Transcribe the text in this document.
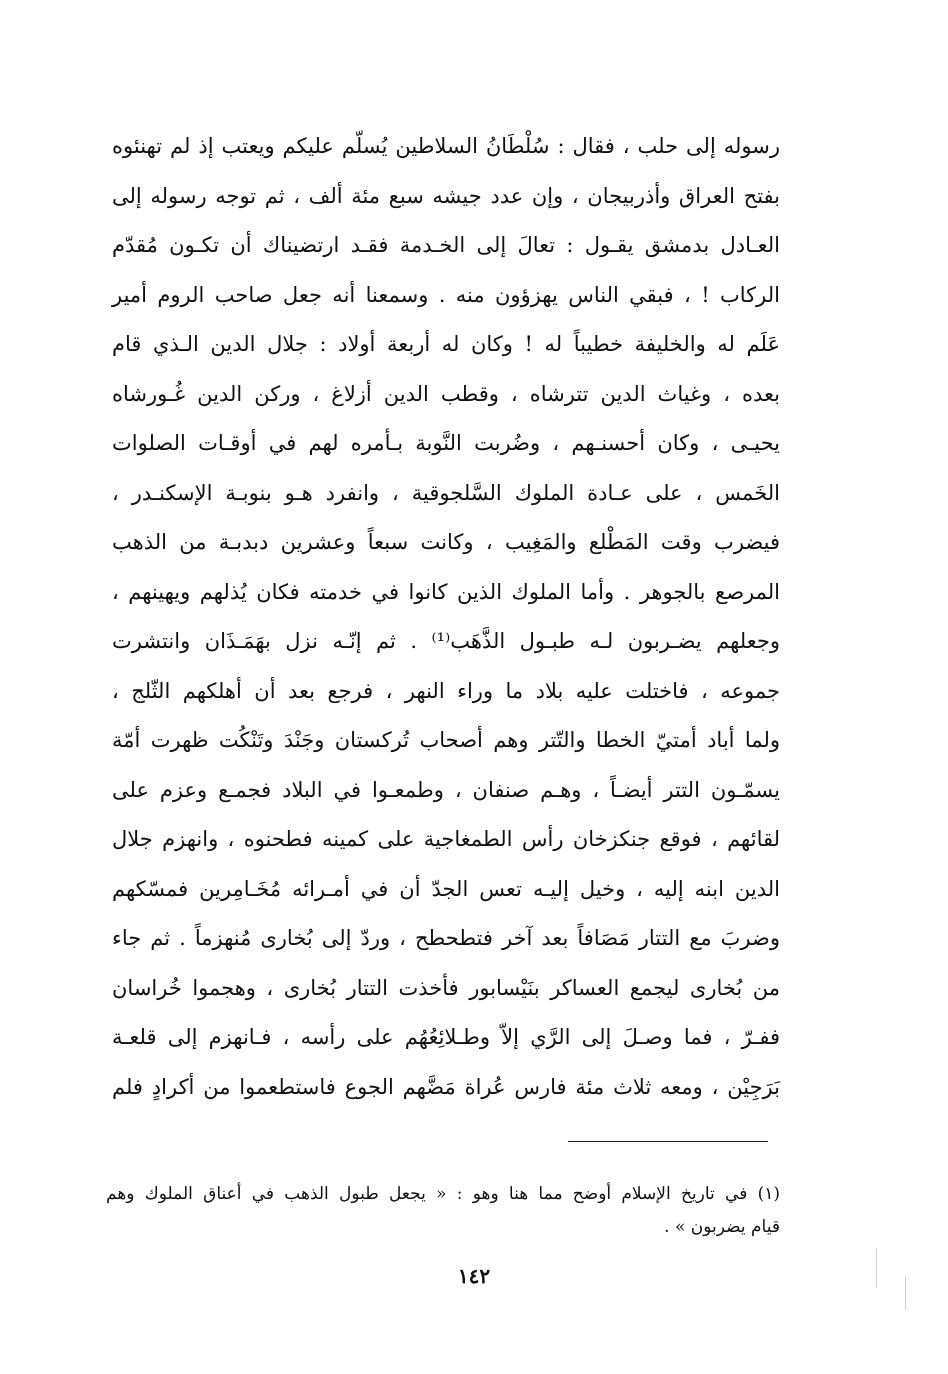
رسوله إلى حلب ، فقال : سُلْطَانُ السلاطين يُسلّم عليكم ويعتب إذ لم تهنئوه
بفتح العراق وأذربيجان ، وإن عدد جيشه سبع مئة ألف ، ثم توجه رسوله إلى
العـادل بدمشق يقـول : تعالَ إلى الخـدمة فقـد ارتضيناك أن تكـون مُقدّم
الركاب ! ، فبقي الناس يهزؤون منه . وسمعنا أنه جعل صاحب الروم أمير
عَلَم له والخليفة خطيباً له ! وكان له أربعة أولاد : جلال الدين الـذي قام
بعده ، وغياث الدين تترشاه ، وقطب الدين أزلاغ ، وركن الدين غُـورشاه
يحيـى ، وكان أحسنـهم ، وضُربت النَّوبة بـأمره لهم في أوقـات الصلوات
الخَمس ، على عـادة الملوك السَّلجوقية ، وانفرد هـو بنوبـة الإسكنـدر ،
فيضرب وقت المَطْلع والمَغِيب ، وكانت سبعاً وعشرين دبدبـة من الذهب
المرصع بالجوهر . وأما الملوك الذين كانوا في خدمته فكان يُذلهم ويهينهم ،
وجعلهم يضـربون لـه طبـول الذَّهَب⁽¹⁾ . ثم إنّـه نزل بهَمَـذَان وانتشرت
جموعه ، فاختلت عليه بلاد ما وراء النهر ، فرجع بعد أن أهلكهم الثّلج ،
ولما أباد أمتيّ الخطا والتّتر وهم أصحاب تُركستان وجَنْدَ وتَنْكُت ظهرت أمّة
يسمّـون التتر أيضـاً ، وهـم صنفان ، وطمعـوا في البلاد فجمـع وعزم على
لقائهم ، فوقع جنكزخان رأس الطمغاجية على كمينه فطحنوه ، وانهزم جلال
الدين ابنه إليه ، وخيل إليـه تعس الجدّ أن في أمـرائه مُخَـامِرين فمسّكهم
وضربَ مع التتار مَصَافاً بعد آخر فتطحطح ، وردّ إلى بُخارى مُنهزماً . ثم جاء
من بُخارى ليجمع العساكر بنَيْسابور فأخذت التتار بُخارى ، وهجموا خُراسان
ففـرّ ، فما وصـلَ إلى الرَّي إلاّ وطـلائِعُهُم على رأسه ، فـانهزم إلى قلعـة
بَرَجِيْن ، ومعه ثلاث مئة فارس عُراة مَضَّهم الجوع فاستطعموا من أكرادٍ فلم
(١) في تاريخ الإسلام أوضح مما هنا وهو : « يجعل طبول الذهب في أعناق الملوك وهم
قيام يضربون » .
١٤٢
